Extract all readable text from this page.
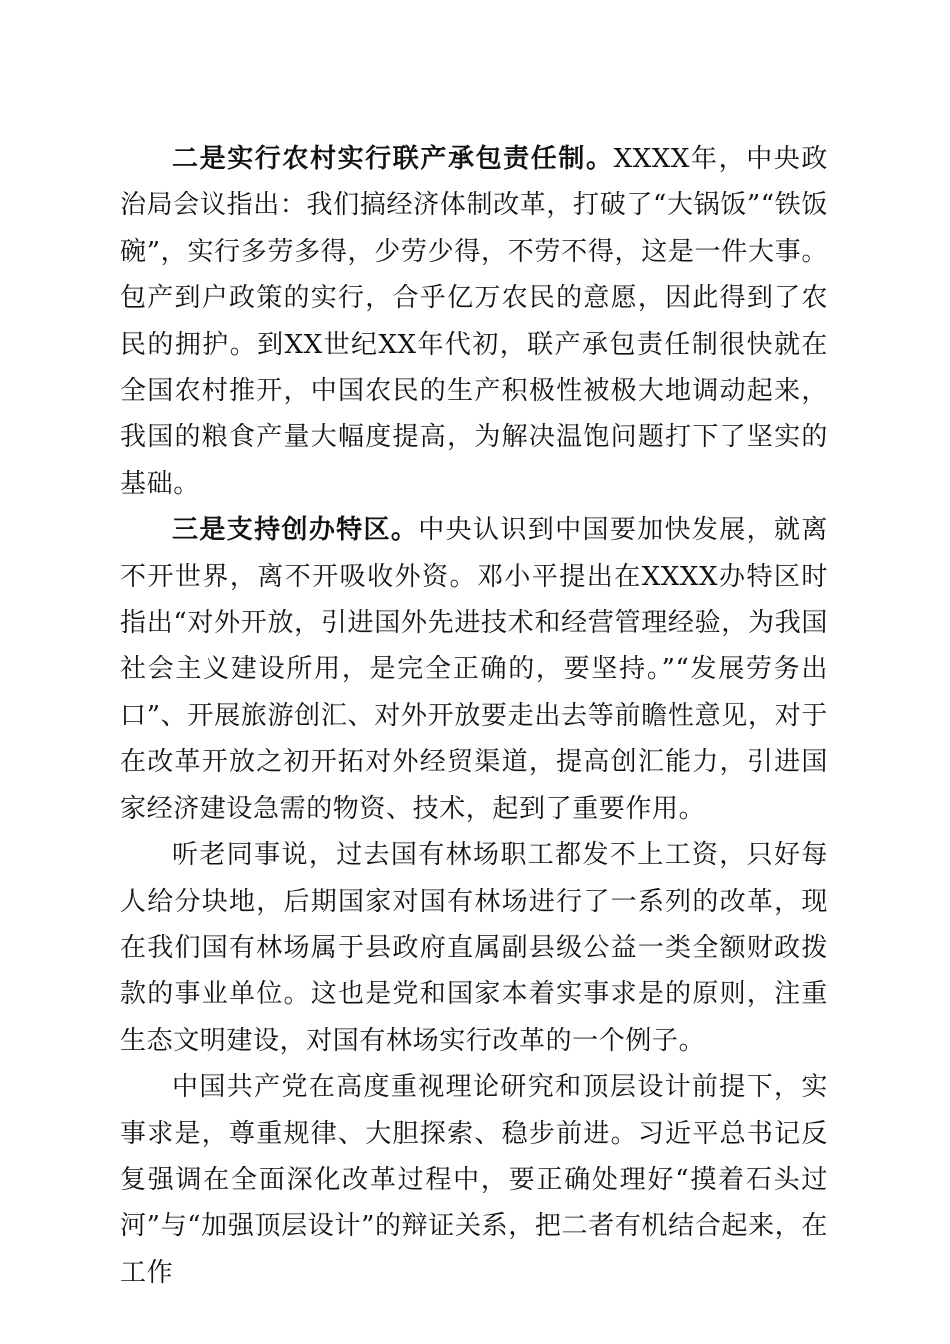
二是实行农村实行联产承包责任制。XXXX年，中央政治局会议指出：我们搞经济体制改革，打破了“大锅饭”“铁饭碗”，实行多劳多得，少劳少得，不劳不得，这是一件大事。包产到户政策的实行，合乎亿万农民的意愿，因此得到了农民的拥护。到XX世纪XX年代初，联产承包责任制很快就在全国农村推开，中国农民的生产积极性被极大地调动起来，我国的粮食产量大幅度提高，为解决温饱问题打下了坚实的基础。

三是支持创办特区。中央认识到中国要加快发展，就离不开世界，离不开吸收外资。邓小平提出在XXXX办特区时指出“对外开放，引进国外先进技术和经营管理经验，为我国社会主义建设所用，是完全正确的，要坚持。”“发展劳务出口”、开展旅游创汇、对外开放要走出去等前瞻性意见，对于在改革开放之初开拓对外经贸渠道，提高创汇能力，引进国家经济建设急需的物资、技术，起到了重要作用。

听老同事说，过去国有林场职工都发不上工资，只好每人给分块地，后期国家对国有林场进行了一系列的改革，现在我们国有林场属于县政府直属副县级公益一类全额财政拨款的事业单位。这也是党和国家本着实事求是的原则，注重生态文明建设，对国有林场实行改革的一个例子。

中国共产党在高度重视理论研究和顶层设计前提下，实事求是，尊重规律、大胆探索、稳步前进。习近平总书记反复强调在全面深化改革过程中，要正确处理好“摸着石头过河”与“加强顶层设计”的辩证关系，把二者有机结合起来，在工作
